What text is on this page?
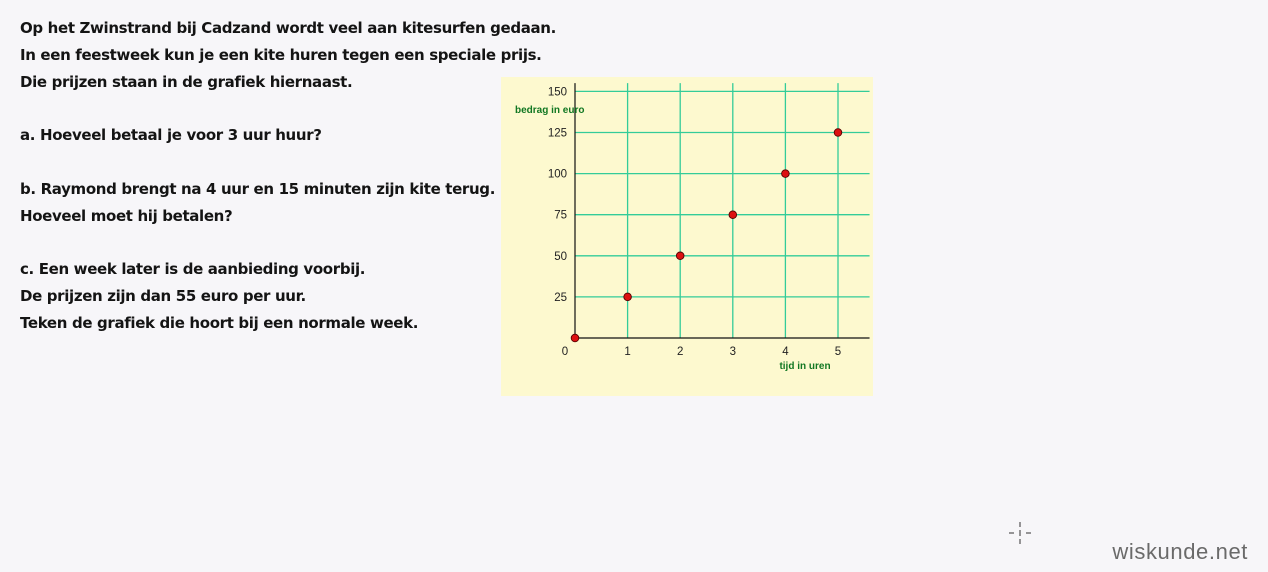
Op het Zwinstrand bij Cadzand wordt veel aan kitesurfen gedaan.

In een feestweek kun je een kite huren tegen een speciale prijs.

Die prijzen staan in de grafiek hiernaast.

a. Hoeveel betaal je voor 3 uur huur?

b. Raymond brengt na 4 uur en 15 minuten zijn kite terug.

Hoeveel moet hij betalen?

c. Een week later is de aanbieding voorbij.

De prijzen zijn dan 55 euro per uur.

Teken de grafiek die hoort bij een normale week.

0	1	2	3	4	5
25
50
75
100
125
150
bedrag in euro
tijd in uren
wiskunde.net
